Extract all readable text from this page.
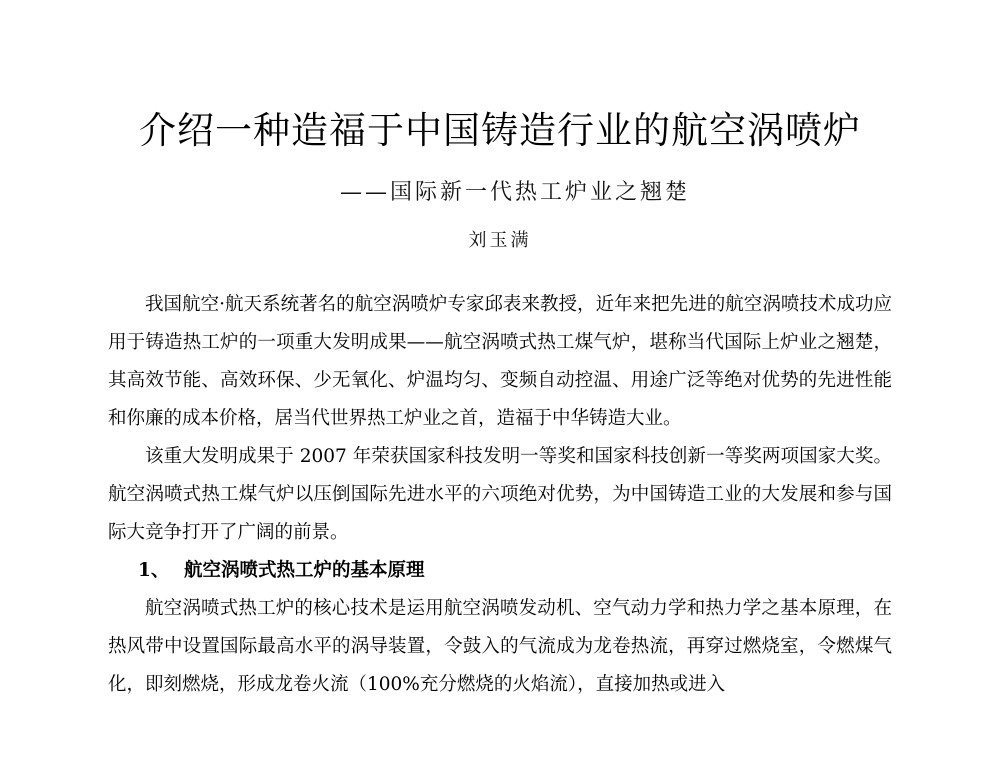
介绍一种造福于中国铸造行业的航空涡喷炉
——国际新一代热工炉业之翘楚
刘玉满

我国航空·航天系统著名的航空涡喷炉专家邱表来教授，近年来把先进的航空涡喷技术成功应用于铸造热工炉的一项重大发明成果——航空涡喷式热工煤气炉，堪称当代国际上炉业之翘楚，其高效节能、高效环保、少无氧化、炉温均匀、变频自动控温、用途广泛等绝对优势的先进性能和你廉的成本价格，居当代世界热工炉业之首，造福于中华铸造大业。

该重大发明成果于 2007 年荣获国家科技发明一等奖和国家科技创新一等奖两项国家大奖。航空涡喷式热工煤气炉以压倒国际先进水平的六项绝对优势，为中国铸造工业的大发展和参与国际大竞争打开了广阔的前景。

1、 航空涡喷式热工炉的基本原理

航空涡喷式热工炉的核心技术是运用航空涡喷发动机、空气动力学和热力学之基本原理，在热风带中设置国际最高水平的涡导装置，令鼓入的气流成为龙卷热流，再穿过燃烧室，令燃煤气化，即刻燃烧，形成龙卷火流（100%充分燃烧的火焰流），直接加热或进入
